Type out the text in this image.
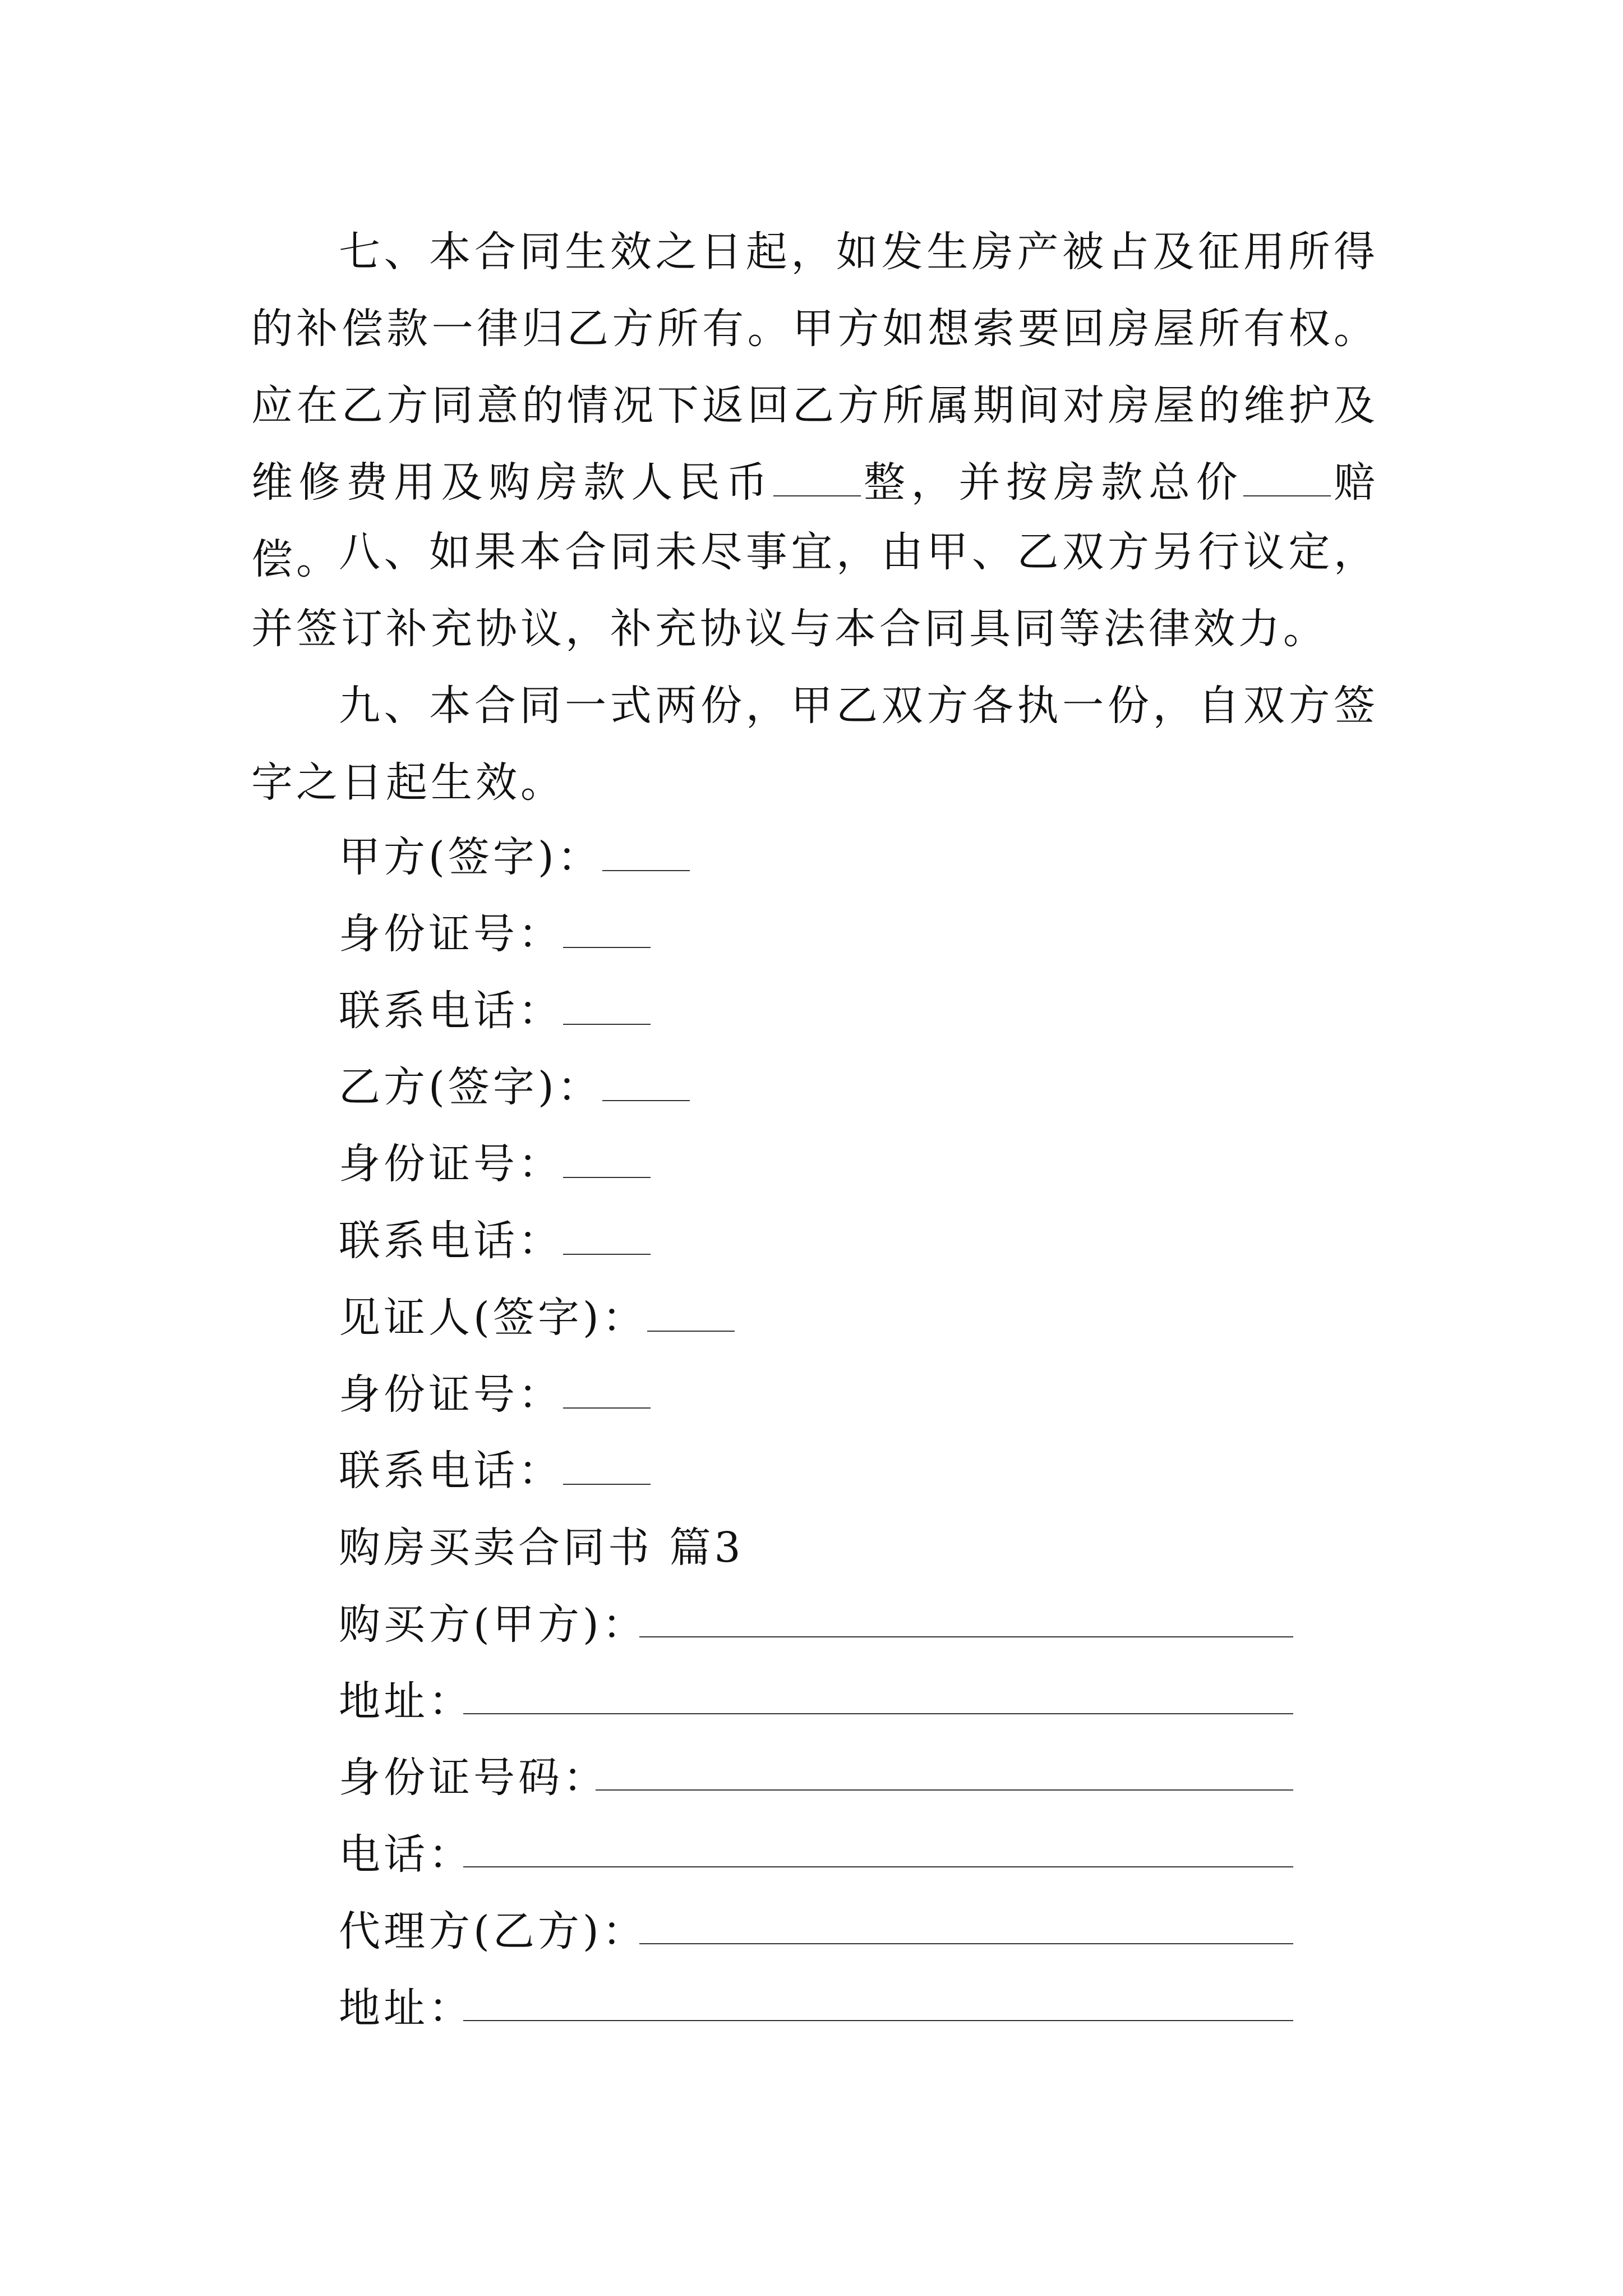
七、本合同生效之日起，如发生房产被占及征用所得的补偿款一律归乙方所有。甲方如想索要回房屋所有权。应在乙方同意的情况下返回乙方所属期间对房屋的维护及维修费用及购房款人民币 整，并按房款总价 赔偿。

八、如果本合同未尽事宜，由甲、乙双方另行议定，并签订补充协议，补充协议与本合同具同等法律效力。

九、本合同一式两份，甲乙双方各执一份，自双方签字之日起生效。

甲方(签字)：

身份证号：

联系电话：

乙方(签字)：

身份证号：

联系电话：

见证人(签字)：

身份证号：

联系电话：

购房买卖合同书 篇3

购买方(甲方)：

地址：

身份证号码：

电话：

代理方(乙方)：

地址：
